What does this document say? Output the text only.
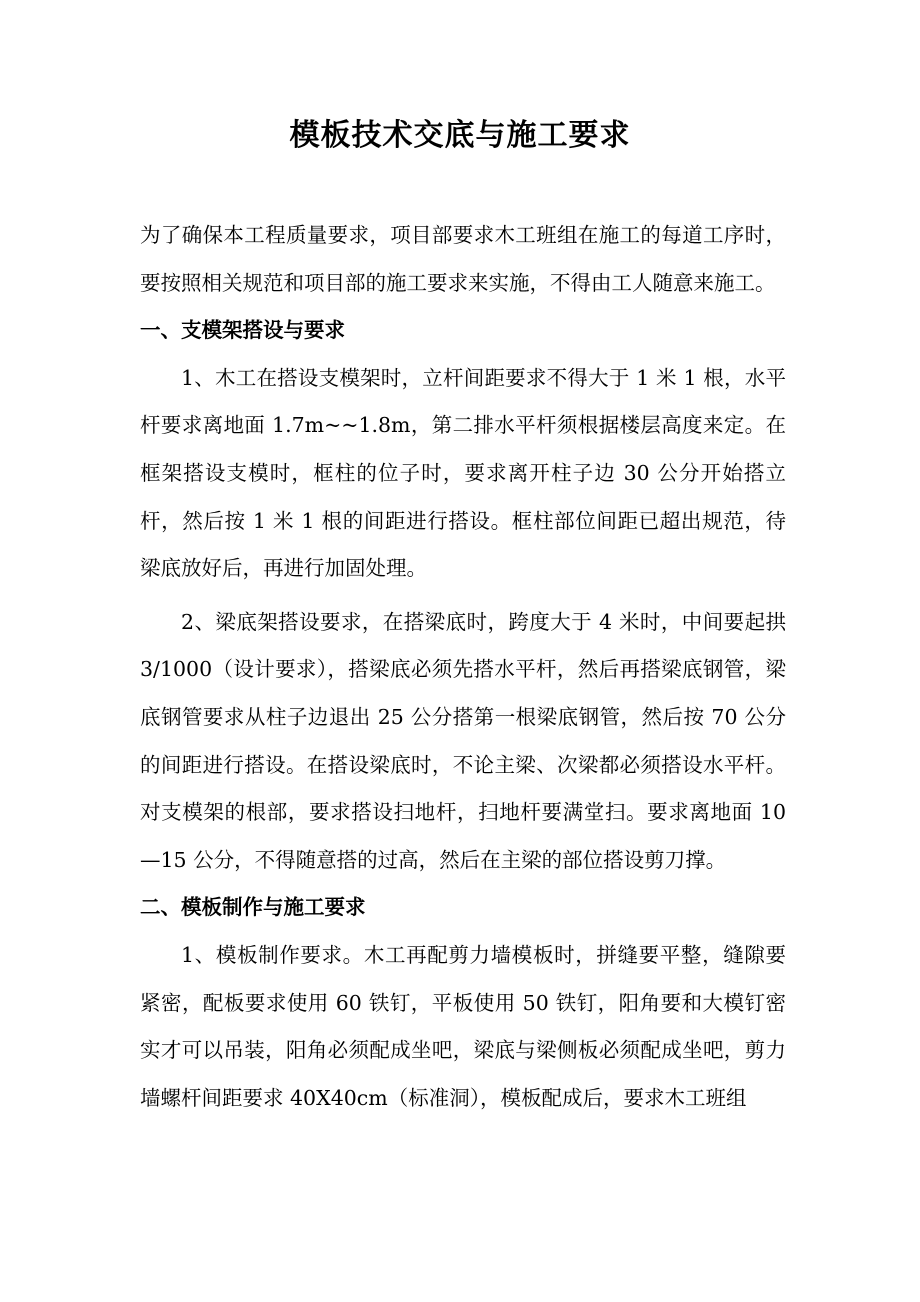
模板技术交底与施工要求

为了确保本工程质量要求，项目部要求木工班组在施工的每道工序时，要按照相关规范和项目部的施工要求来实施，不得由工人随意来施工。

一、支模架搭设与要求

1、木工在搭设支模架时，立杆间距要求不得大于 1 米 1 根，水平杆要求离地面 1.7m~~1.8m，第二排水平杆须根据楼层高度来定。在框架搭设支模时，框柱的位子时，要求离开柱子边 30 公分开始搭立杆，然后按 1 米 1 根的间距进行搭设。框柱部位间距已超出规范，待梁底放好后，再进行加固处理。

2、梁底架搭设要求，在搭梁底时，跨度大于 4 米时，中间要起拱 3/1000（设计要求），搭梁底必须先搭水平杆，然后再搭梁底钢管，梁底钢管要求从柱子边退出 25 公分搭第一根梁底钢管，然后按 70 公分的间距进行搭设。在搭设梁底时，不论主梁、次梁都必须搭设水平杆。对支模架的根部，要求搭设扫地杆，扫地杆要满堂扫。要求离地面 10—15 公分，不得随意搭的过高，然后在主梁的部位搭设剪刀撑。

二、模板制作与施工要求

1、模板制作要求。木工再配剪力墙模板时，拼缝要平整，缝隙要紧密，配板要求使用 60 铁钉，平板使用 50 铁钉，阳角要和大模钉密实才可以吊装，阳角必须配成坐吧，梁底与梁侧板必须配成坐吧，剪力墙螺杆间距要求 40X40cm（标准洞），模板配成后，要求木工班组
